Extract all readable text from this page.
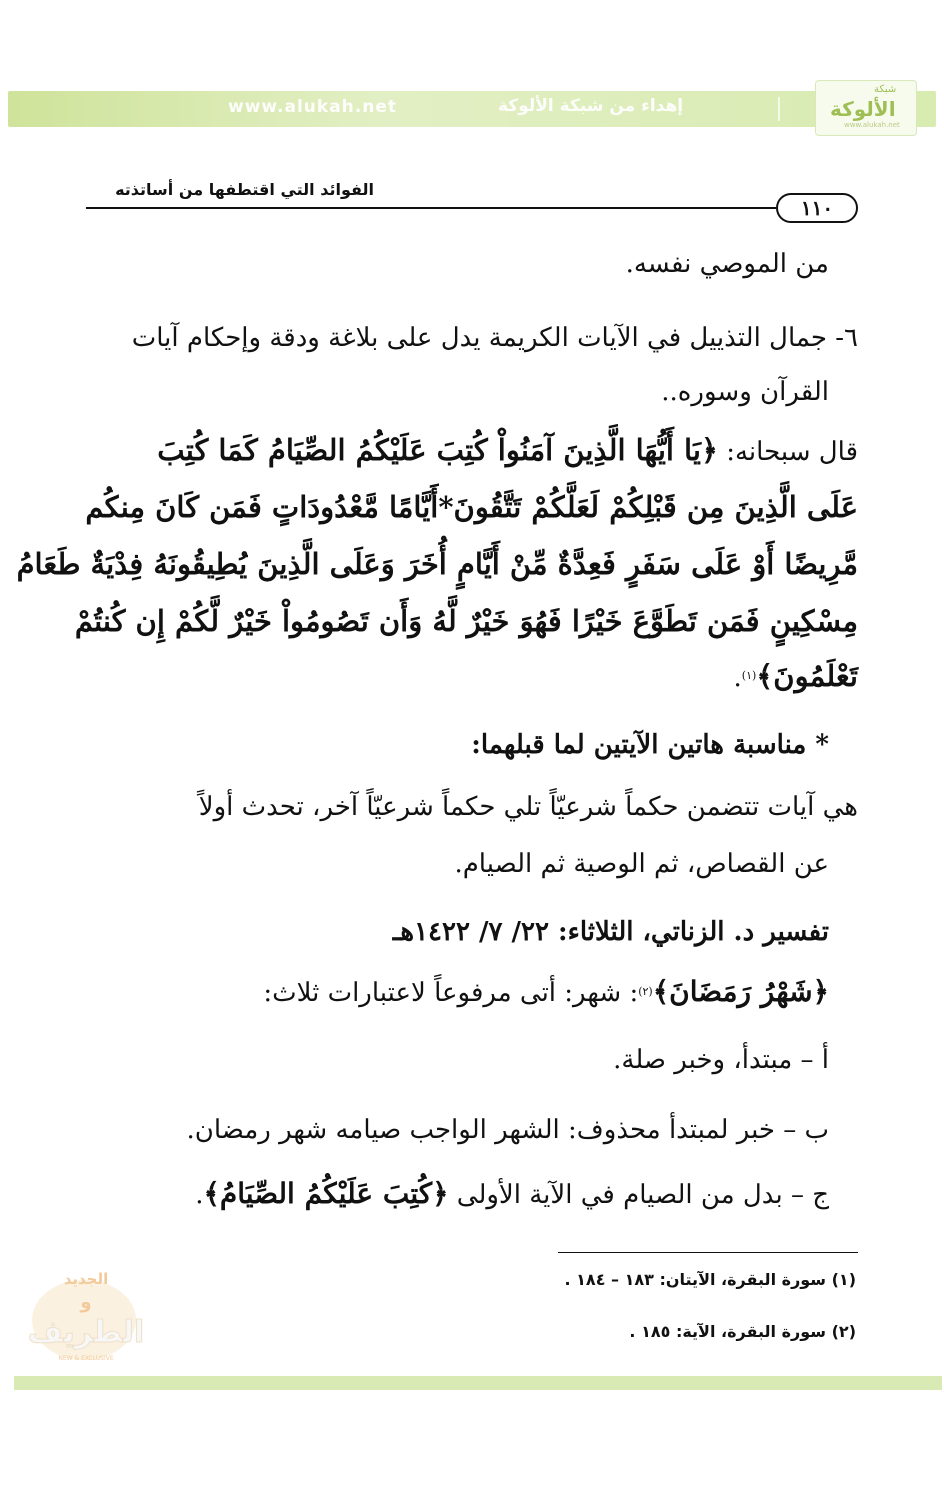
www.alukah.net	إهداء من شبكة الألوكة
شبكة
الألوكة
www.alukah.net
الفوائد التي اقتطفها من أساتذته
١١٠
من الموصي نفسه.
٦- جمال التذييل في الآيات الكريمة يدل على بلاغة ودقة وإحكام آيات
القرآن وسوره..
قال سبحانه: ﴿يَا أَيُّهَا الَّذِينَ آمَنُواْ كُتِبَ عَلَيْكُمُ الصِّيَامُ كَمَا كُتِبَ
عَلَى الَّذِينَ مِن قَبْلِكُمْ لَعَلَّكُمْ تَتَّقُونَ*أَيَّامًا مَّعْدُودَاتٍ فَمَن كَانَ مِنكُم
مَّرِيضًا أَوْ عَلَى سَفَرٍ فَعِدَّةٌ مِّنْ أَيَّامٍ أُخَرَ وَعَلَى الَّذِينَ يُطِيقُونَهُ فِدْيَةٌ طَعَامُ
مِسْكِينٍ فَمَن تَطَوَّعَ خَيْرًا فَهُوَ خَيْرٌ لَّهُ وَأَن تَصُومُواْ خَيْرٌ لَّكُمْ إِن كُنتُمْ
تَعْلَمُونَ﴾$^{(١)}$.
* مناسبة هاتين الآيتين لما قبلهما:
هي آيات تتضمن حكماً شرعيّاً تلي حكماً شرعيّاً آخر، تحدث أولاً
عن القصاص، ثم الوصية ثم الصيام.
تفسير د. الزناتي، الثلاثاء: ٢٢/ ٧/ ١٤٢٢هـ
﴿شَهْرُ رَمَضَانَ﴾$^{(٢)}$: شهر: أتى مرفوعاً لاعتبارات ثلاث:
أ – مبتدأ، وخبر صلة.
ب – خبر لمبتدأ محذوف: الشهر الواجب صيامه شهر رمضان.
ج – بدل من الصيام في الآية الأولى ﴿كُتِبَ عَلَيْكُمُ الصِّيَامُ﴾.
(١) سورة البقرة، الآيتان: ١٨٣ – ١٨٤ .
(٢) سورة البقرة، الآية: ١٨٥ .
الجديد
و
الطريف
NEW & EXCLUSIVE
